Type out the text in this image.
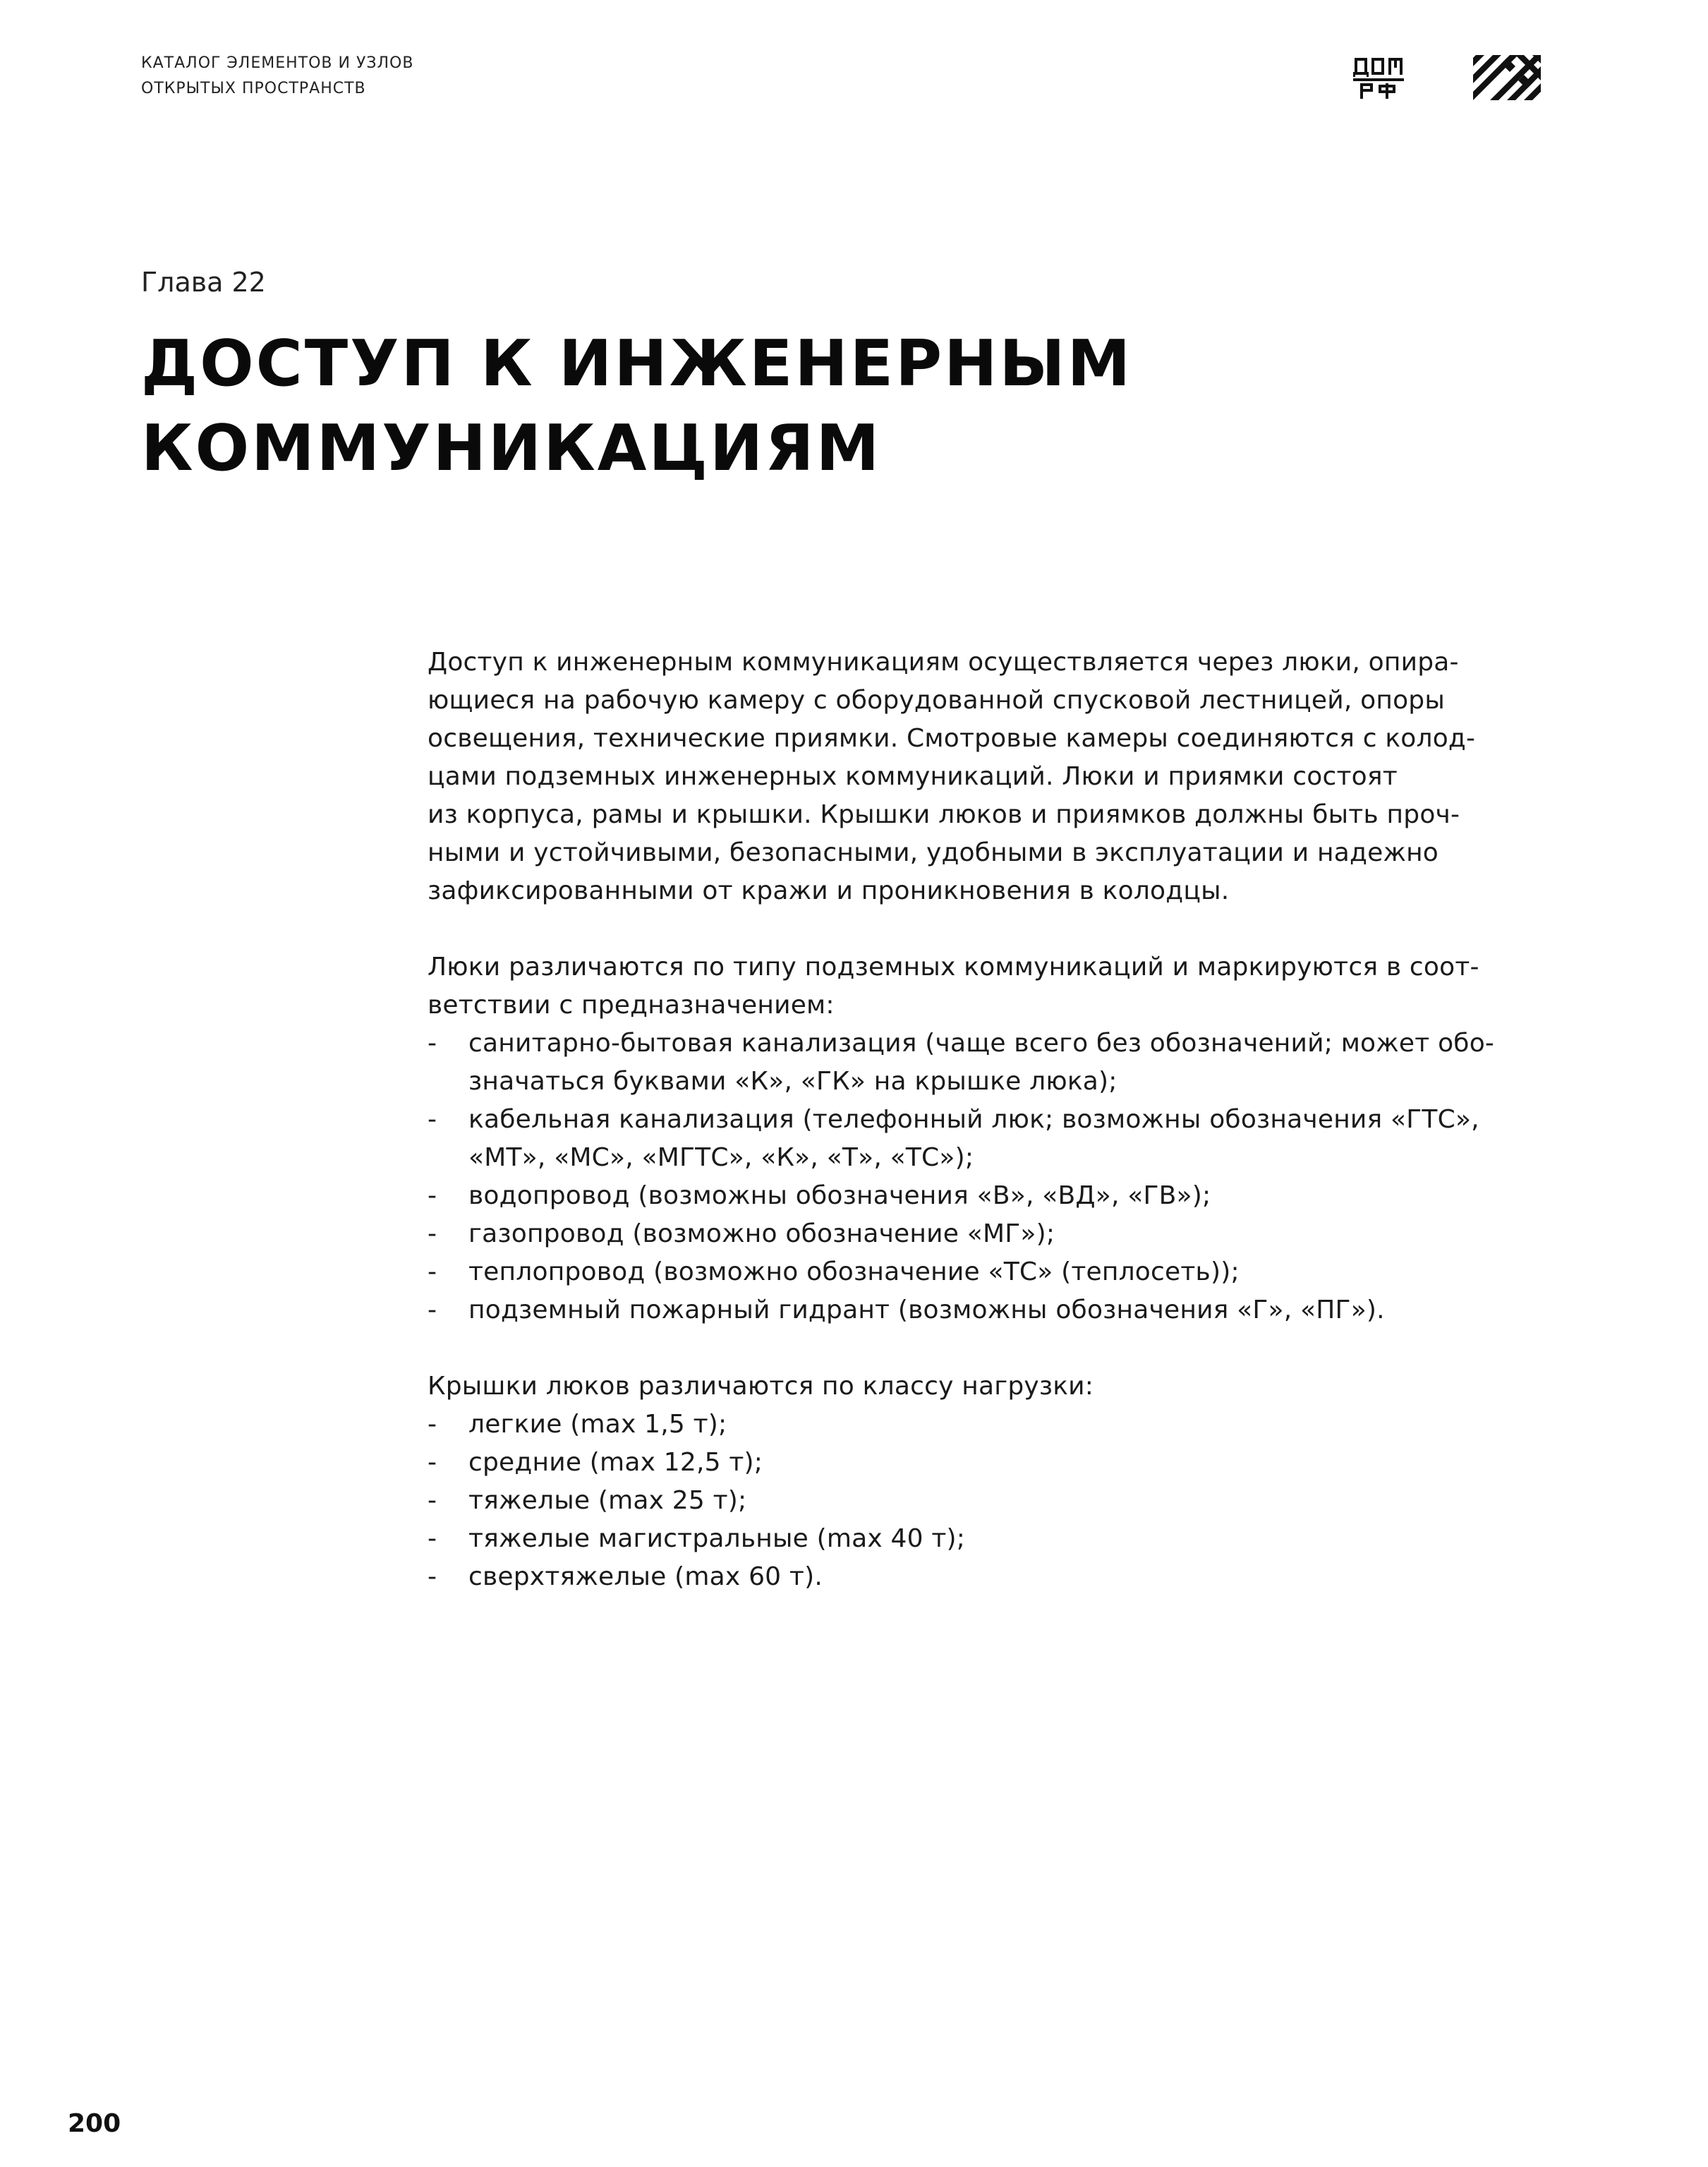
КАТАЛОГ ЭЛЕМЕНТОВ И УЗЛОВ
ОТКРЫТЫХ ПРОСТРАНСТВ
Глава 22
ДОСТУП К ИНЖЕНЕРНЫМ
КОММУНИКАЦИЯМ
Доступ к инженерным коммуникациям осуществляется через люки, опира-
ющиеся на рабочую камеру с оборудованной спусковой лестницей, опоры
освещения, технические приямки. Смотровые камеры соединяются с колод-
цами подземных инженерных коммуникаций. Люки и приямки состоят
из корпуса, рамы и крышки. Крышки люков и приямков должны быть проч-
ными и устойчивыми, безопасными, удобными в эксплуатации и надежно
зафиксированными от кражи и проникновения в колодцы.
Люки различаются по типу подземных коммуникаций и маркируются в соот-
ветствии с предназначением:
- санитарно-бытовая канализация (чаще всего без обозначений; может обо-
значаться буквами «К», «ГК» на крышке люка);
- кабельная канализация (телефонный люк; возможны обозначения «ГТС»,
«МТ», «МС», «МГТС», «К», «Т», «ТС»);
- водопровод (возможны обозначения «В», «ВД», «ГВ»);
- газопровод (возможно обозначение «МГ»);
- теплопровод (возможно обозначение «ТС» (теплосеть));
- подземный пожарный гидрант (возможны обозначения «Г», «ПГ»).
Крышки люков различаются по классу нагрузки:
- легкие (max 1,5 т);
- средние (max 12,5 т);
- тяжелые (max 25 т);
- тяжелые магистральные (max 40 т);
- сверхтяжелые (max 60 т).
200
